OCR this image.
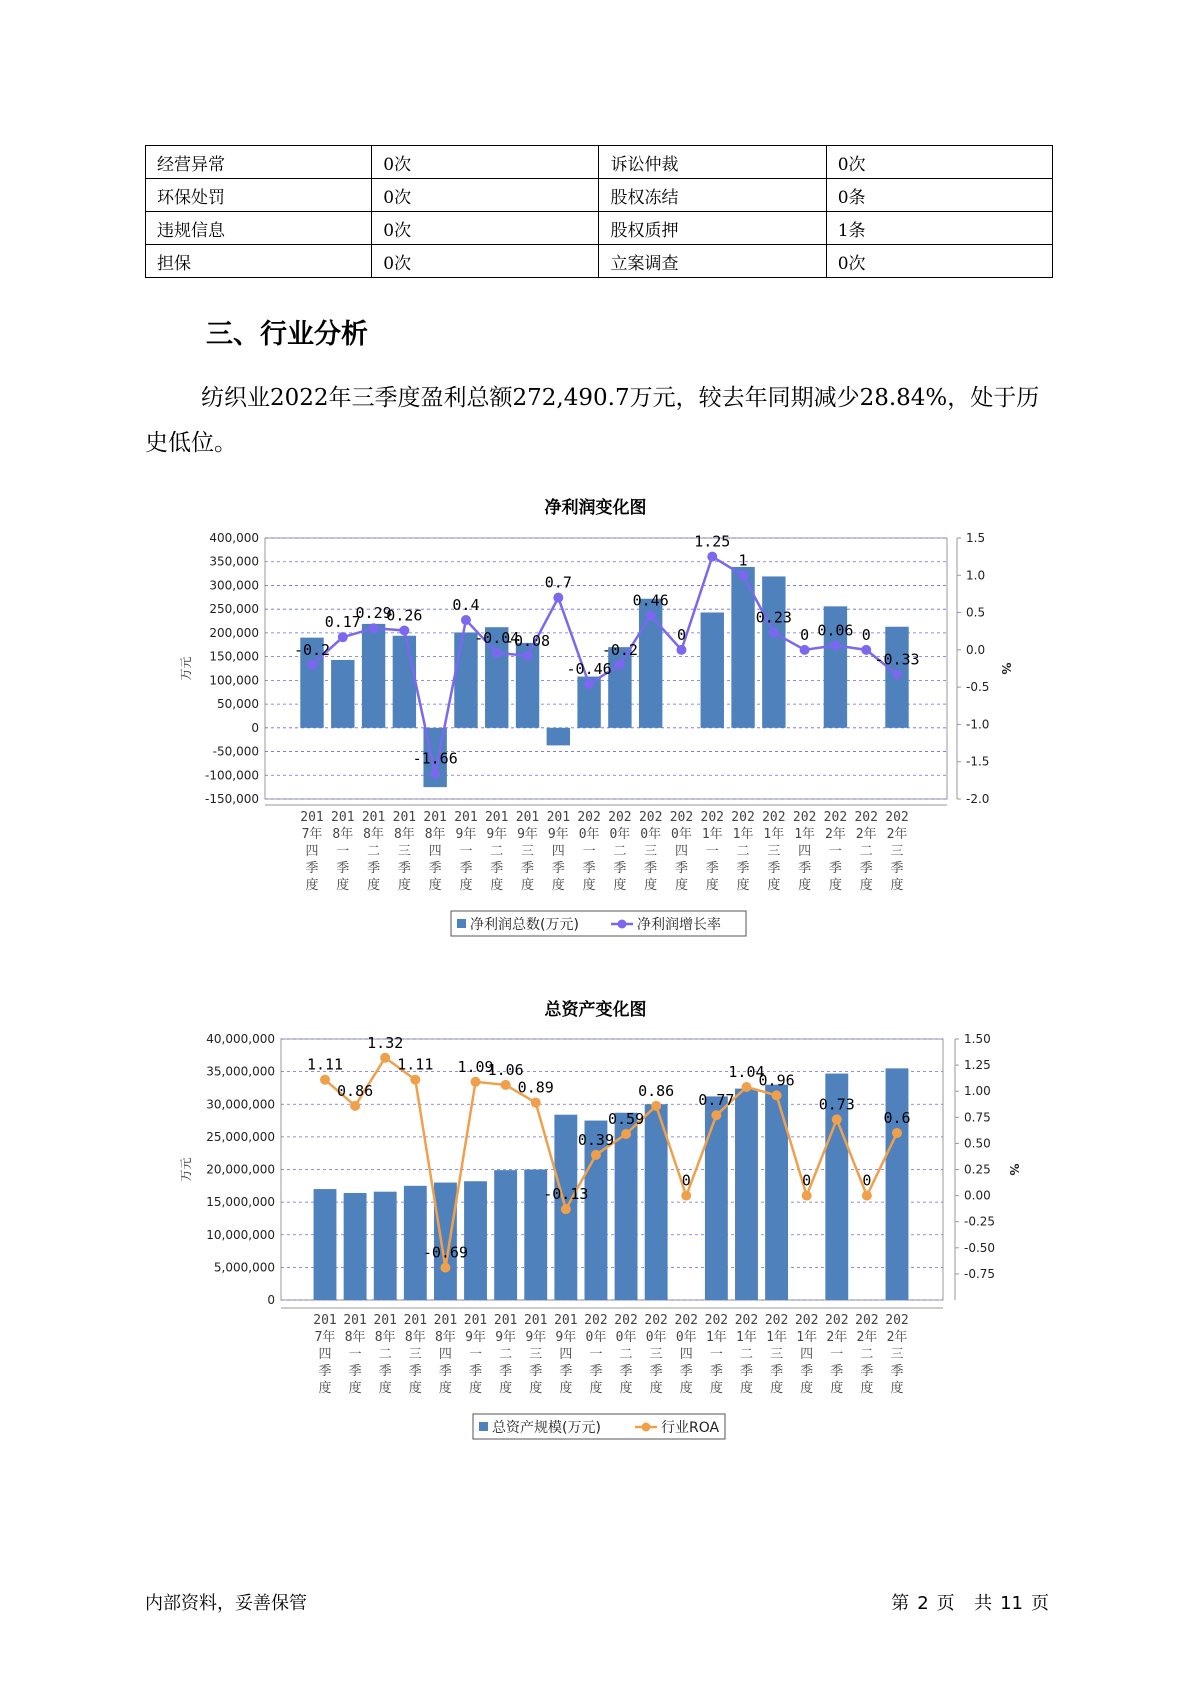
经营异常	0次	诉讼仲裁	0次
环保处罚	0次	股权冻结	0条
违规信息	0次	股权质押	1条
担保	0次	立案调查	0次
三、行业分析

纺织业2022年三季度盈利总额272,490.7万元，较去年同期减少28.84%，处于历史低位。

净利润变化图
400,000
350,000
300,000
250,000
200,000
150,000
100,000
50,000
0
-50,000
-100,000
-150,000
1.5
1.0
0.5
0.0
-0.5
-1.0
-1.5
-2.0
万元	%
-0.2
0.17
0.29
0.26
-1.66
0.4
-0.04
-0.08
0.7
-0.46
-0.2
0.46
0
1.25
1
0.23
0 0.06 0
-0.33
201
7年
四
季
度
201
8年
一
季
度
201
8年
二
季
度
201
8年
三
季
度
201
8年
四
季
度
201
9年
一
季
度
201
9年
二
季
度
201
9年
三
季
度
201
9年
四
季
度
202
0年
一
季
度
202
0年
二
季
度
202
0年
三
季
度
202
0年
四
季
度
202
1年
一
季
度
202
1年
二
季
度
202
1年
三
季
度
202
1年
四
季
度
202
2年
一
季
度
202
2年
二
季
度
202
2年
三
季
度
净利润总数(万元)	净利润增长率
总资产变化图
40,000,000
35,000,000
30,000,000
25,000,000
20,000,000
15,000,000
10,000,000
5,000,000
0
1.50
1.25
1.00
0.75
0.50
0.25
0.00
-0.25
-0.50
-0.75
万元	%
1.11
0.86
1.32
1.11
-0.69
1.09
1.06
0.89
-0.13
0.39
0.59
0.86
0
0.77
1.04
0.96
0
0.73
0
0.6
201
7年
四
季
度
201
8年
一
季
度
201
8年
二
季
度
201
8年
三
季
度
201
8年
四
季
度
201
9年
一
季
度
201
9年
二
季
度
201
9年
三
季
度
201
9年
四
季
度
202
0年
一
季
度
202
0年
二
季
度
202
0年
三
季
度
202
0年
四
季
度
202
1年
一
季
度
202
1年
二
季
度
202
1年
三
季
度
202
1年
四
季
度
202
2年
一
季
度
202
2年
二
季
度
202
2年
三
季
度
总资产规模(万元)	行业ROA
内部资料，妥善保管	第 2 页 共 11 页
